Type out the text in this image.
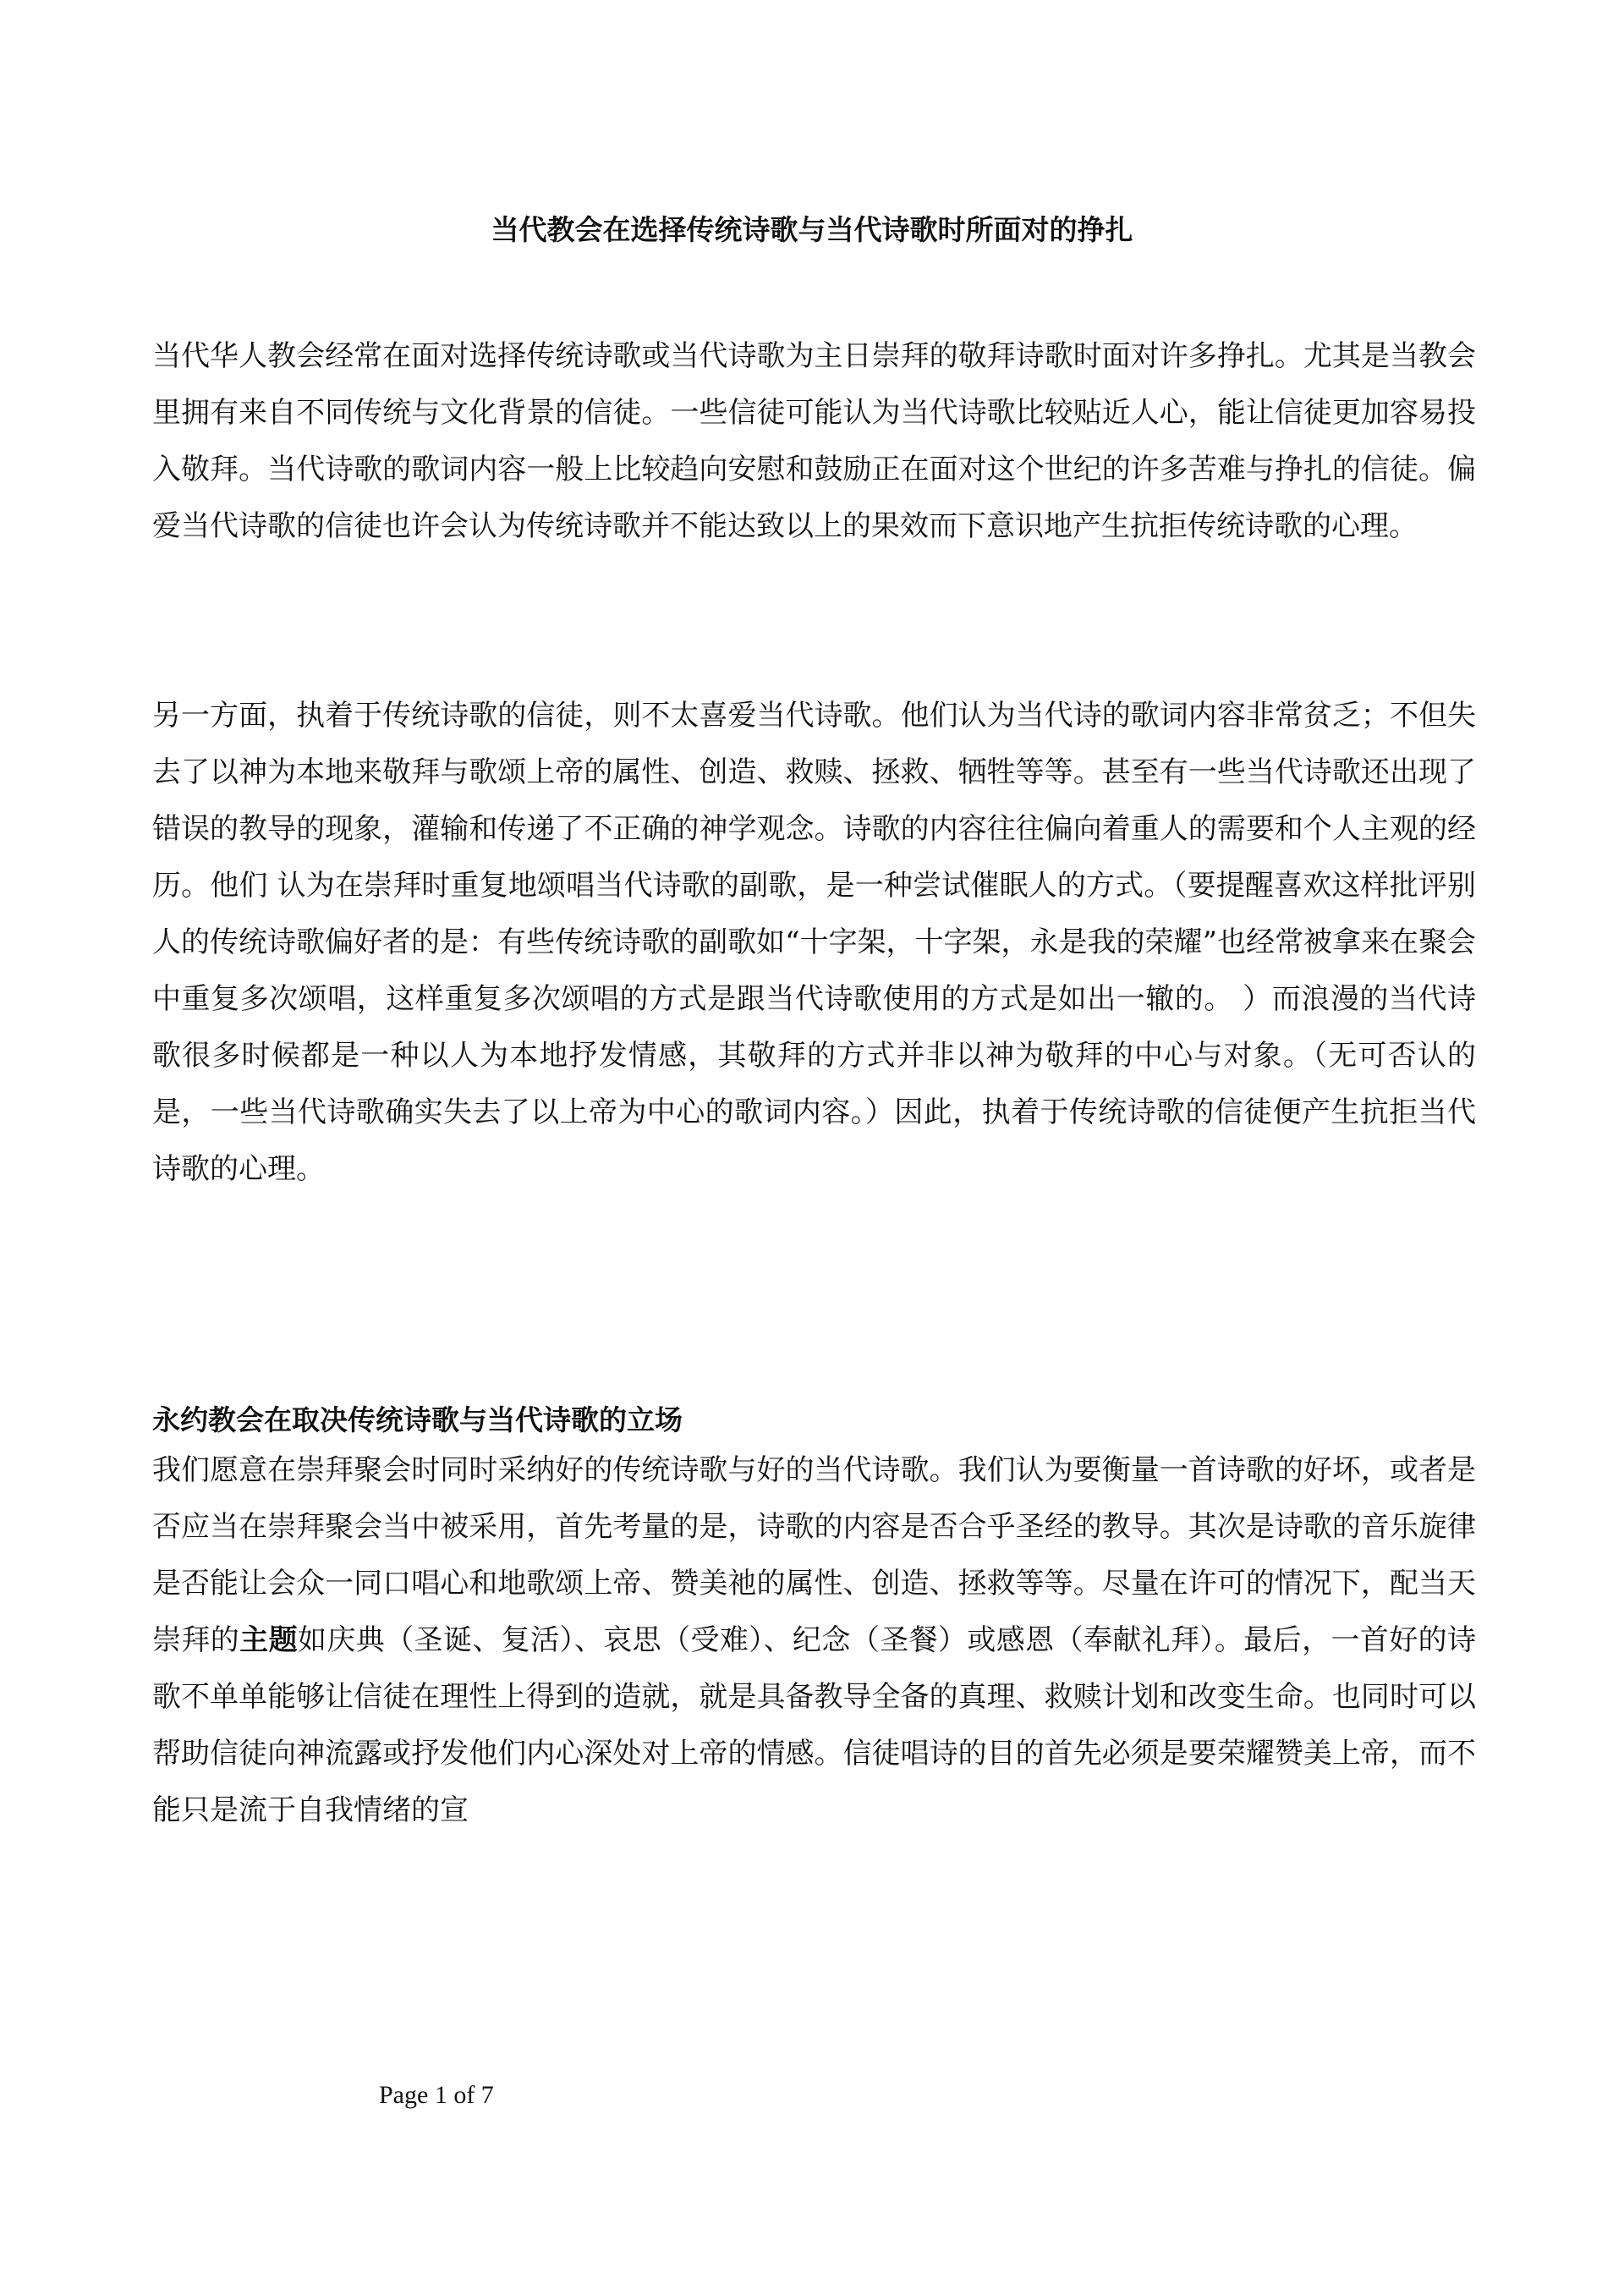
当代教会在选择传统诗歌与当代诗歌时所面对的挣扎

当代华人教会经常在面对选择传统诗歌或当代诗歌为主日崇拜的敬拜诗歌时面对许多挣扎。尤其是当教会里拥有来自不同传统与文化背景的信徒。一些信徒可能认为当代诗歌比较贴近人心，能让信徒更加容易投入敬拜。当代诗歌的歌词内容一般上比较趋向安慰和鼓励正在面对这个世纪的许多苦难与挣扎的信徒。偏爱当代诗歌的信徒也许会认为传统诗歌并不能达致以上的果效而下意识地产生抗拒传统诗歌的心理。

另一方面，执着于传统诗歌的信徒，则不太喜爱当代诗歌。他们认为当代诗的歌词内容非常贫乏；不但失去了以神为本地来敬拜与歌颂上帝的属性、创造、救赎、拯救、牺牲等等。甚至有一些当代诗歌还出现了错误的教导的现象，灌输和传递了不正确的神学观念。诗歌的内容往往偏向着重人的需要和个人主观的经历。他们 认为在崇拜时重复地颂唱当代诗歌的副歌，是一种尝试催眠人的方式。（要提醒喜欢这样批评别人的传统诗歌偏好者的是：有些传统诗歌的副歌如“十字架，十字架，永是我的荣耀”也经常被拿来在聚会中重复多次颂唱，这样重复多次颂唱的方式是跟当代诗歌使用的方式是如出一辙的。 ）而浪漫的当代诗歌很多时候都是一种以人为本地抒发情感，其敬拜的方式并非以神为敬拜的中心与对象。（无可否认的是，一些当代诗歌确实失去了以上帝为中心的歌词内容。）因此，执着于传统诗歌的信徒便产生抗拒当代诗歌的心理。

永约教会在取决传统诗歌与当代诗歌的立场

我们愿意在崇拜聚会时同时采纳好的传统诗歌与好的当代诗歌。我们认为要衡量一首诗歌的好坏，或者是否应当在崇拜聚会当中被采用，首先考量的是，诗歌的内容是否合乎圣经的教导。其次是诗歌的音乐旋律是否能让会众一同口唱心和地歌颂上帝、赞美祂的属性、创造、拯救等等。尽量在许可的情况下，配当天崇拜的主题如庆典（圣诞、复活）、哀思（受难）、纪念（圣餐）或感恩（奉献礼拜）。最后，一首好的诗歌不单单能够让信徒在理性上得到的造就，就是具备教导全备的真理、救赎计划和改变生命。也同时可以帮助信徒向神流露或抒发他们内心深处对上帝的情感。信徒唱诗的目的首先必须是要荣耀赞美上帝，而不能只是流于自我情绪的宣

Page 1 of 7
